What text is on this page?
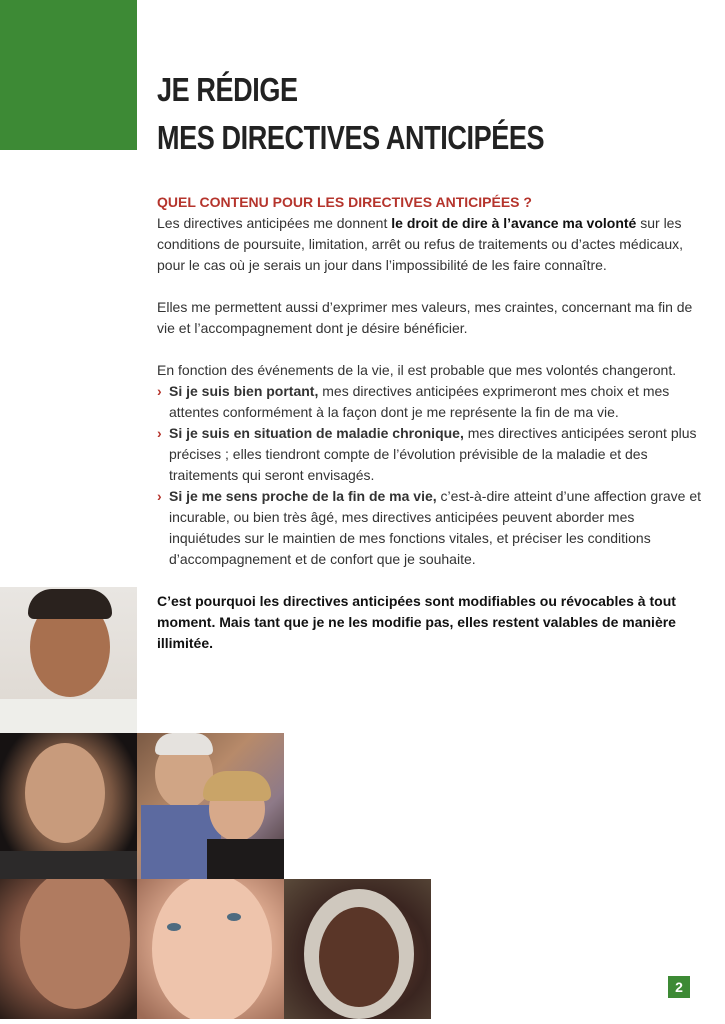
JE RÉDIGE
MES DIRECTIVES ANTICIPÉES

QUEL CONTENU POUR LES DIRECTIVES ANTICIPÉES ?

Les directives anticipées me donnent le droit de dire à l’avance ma volonté sur les conditions de poursuite, limitation, arrêt ou refus de traitements ou d’actes médicaux, pour le cas où je serais un jour dans l’impossibilité de les faire connaître.

Elles me permettent aussi d’exprimer mes valeurs, mes craintes, concernant ma fin de vie et l’accompagnement dont je désire bénéficier.

En fonction des événements de la vie, il est probable que mes volontés changeront.

› Si je suis bien portant, mes directives anticipées exprimeront mes choix et mes attentes conformément à la façon dont je me représente la fin de ma vie.
› Si je suis en situation de maladie chronique, mes directives anticipées seront plus précises ; elles tiendront compte de l’évolution prévisible de la maladie et des traitements qui seront envisagés.
› Si je me sens proche de la fin de ma vie, c’est-à-dire atteint d’une affection grave et incurable, ou bien très âgé, mes directives anticipées peuvent aborder mes inquiétudes sur le maintien de mes fonctions vitales, et préciser les conditions d’accompagnement et de confort que je souhaite.

C’est pourquoi les directives anticipées sont modifiables ou révocables à tout moment. Mais tant que je ne les modifie pas, elles restent valables de manière illimitée.

2
